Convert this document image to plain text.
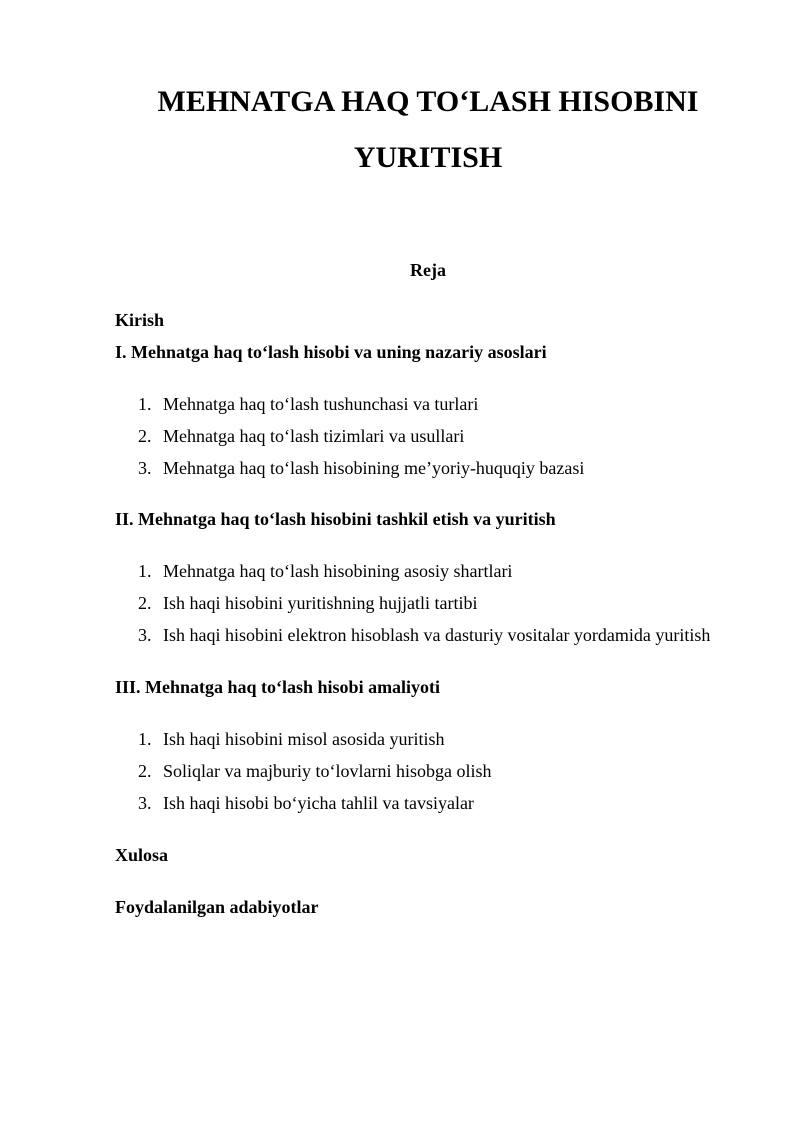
MEHNATGA HAQ TO‘LASH HISOBINI
YURITISH

Reja

Kirish

I. Mehnatga haq to‘lash hisobi va uning nazariy asoslari

1. Mehnatga haq to‘lash tushunchasi va turlari
2. Mehnatga haq to‘lash tizimlari va usullari
3. Mehnatga haq to‘lash hisobining me’yoriy-huquqiy bazasi

II. Mehnatga haq to‘lash hisobini tashkil etish va yuritish

1. Mehnatga haq to‘lash hisobining asosiy shartlari
2. Ish haqi hisobini yuritishning hujjatli tartibi
3. Ish haqi hisobini elektron hisoblash va dasturiy vositalar yordamida yuritish

III. Mehnatga haq to‘lash hisobi amaliyoti

1. Ish haqi hisobini misol asosida yuritish
2. Soliqlar va majburiy to‘lovlarni hisobga olish
3. Ish haqi hisobi bo‘yicha tahlil va tavsiyalar

Xulosa

Foydalanilgan adabiyotlar
